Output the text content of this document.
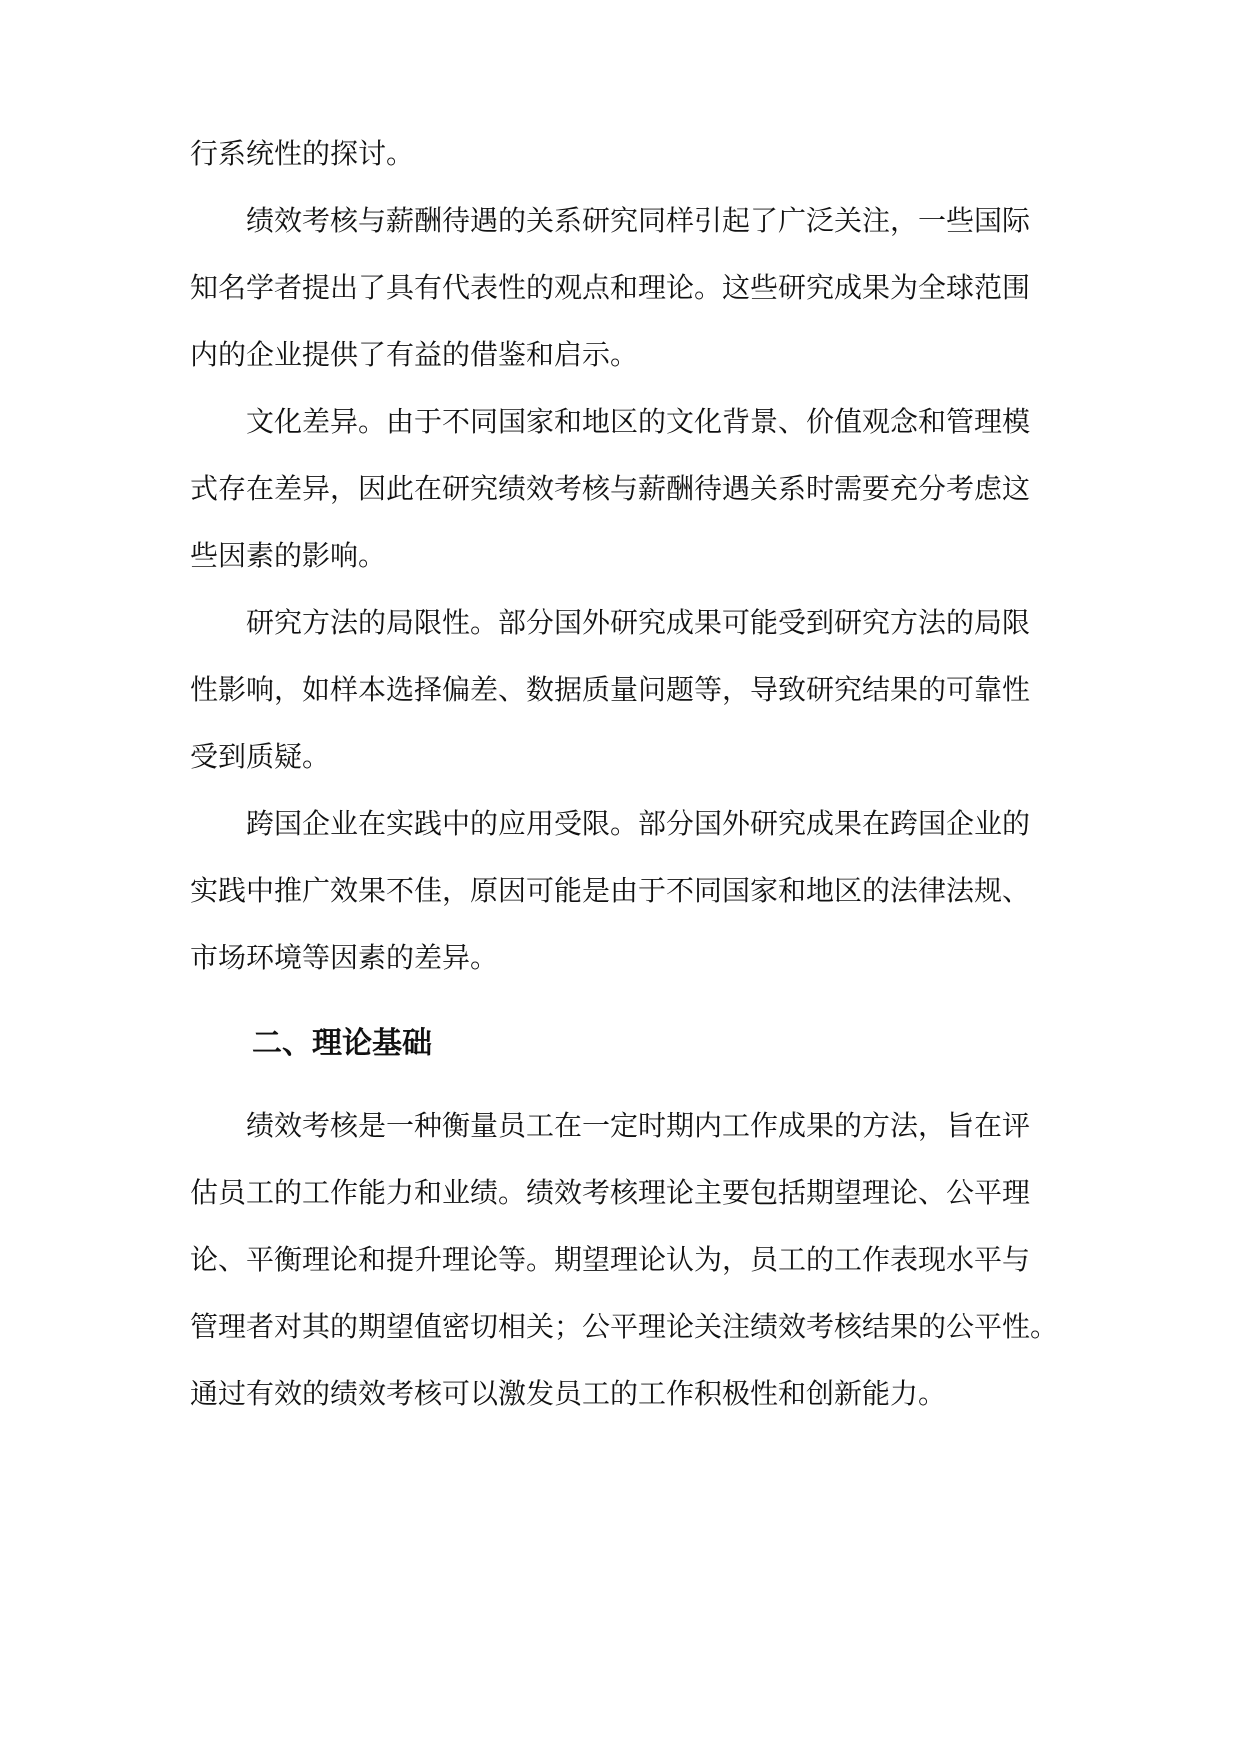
行系统性的探讨。
绩效考核与薪酬待遇的关系研究同样引起了广泛关注，一些国际
知名学者提出了具有代表性的观点和理论。这些研究成果为全球范围
内的企业提供了有益的借鉴和启示。
文化差异。由于不同国家和地区的文化背景、价值观念和管理模
式存在差异，因此在研究绩效考核与薪酬待遇关系时需要充分考虑这
些因素的影响。
研究方法的局限性。部分国外研究成果可能受到研究方法的局限
性影响，如样本选择偏差、数据质量问题等，导致研究结果的可靠性
受到质疑。
跨国企业在实践中的应用受限。部分国外研究成果在跨国企业的
实践中推广效果不佳，原因可能是由于不同国家和地区的法律法规、
市场环境等因素的差异。
二、理论基础
绩效考核是一种衡量员工在一定时期内工作成果的方法，旨在评
估员工的工作能力和业绩。绩效考核理论主要包括期望理论、公平理
论、平衡理论和提升理论等。期望理论认为，员工的工作表现水平与
管理者对其的期望值密切相关；公平理论关注绩效考核结果的公平性。
通过有效的绩效考核可以激发员工的工作积极性和创新能力。
